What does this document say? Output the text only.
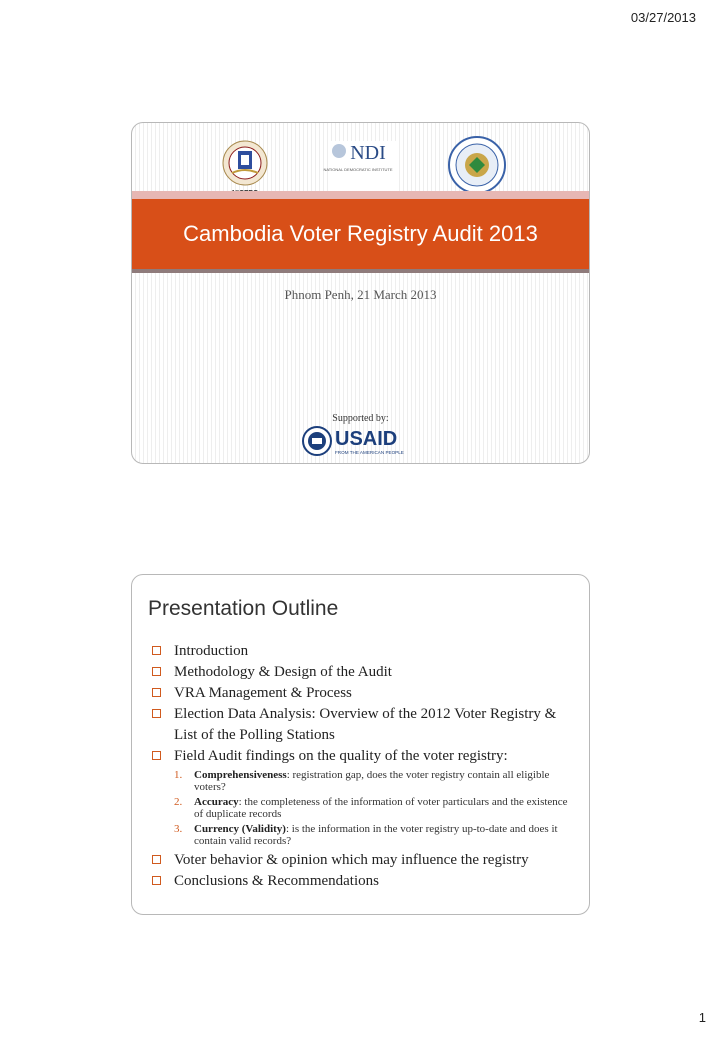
03/27/2013
NDI
NATIONAL DEMOCRATIC INSTITUTE
Cambodia Voter Registry Audit 2013
Phnom Penh, 21 March 2013
Supported by:
USAID
FROM THE AMERICAN PEOPLE
Presentation Outline
Introduction
Methodology & Design of the Audit
VRA Management & Process
Election Data Analysis: Overview of the 2012 Voter Registry & List of the Polling Stations
Field Audit findings on the quality of the voter registry:
1. Comprehensiveness: registration gap, does the voter registry contain all eligible voters?
2. Accuracy: the completeness of the information of voter particulars and the existence of duplicate records
3. Currency (Validity): is the information in the voter registry up-to-date and does it contain valid records?
Voter behavior & opinion which may influence the registry
Conclusions & Recommendations
1
